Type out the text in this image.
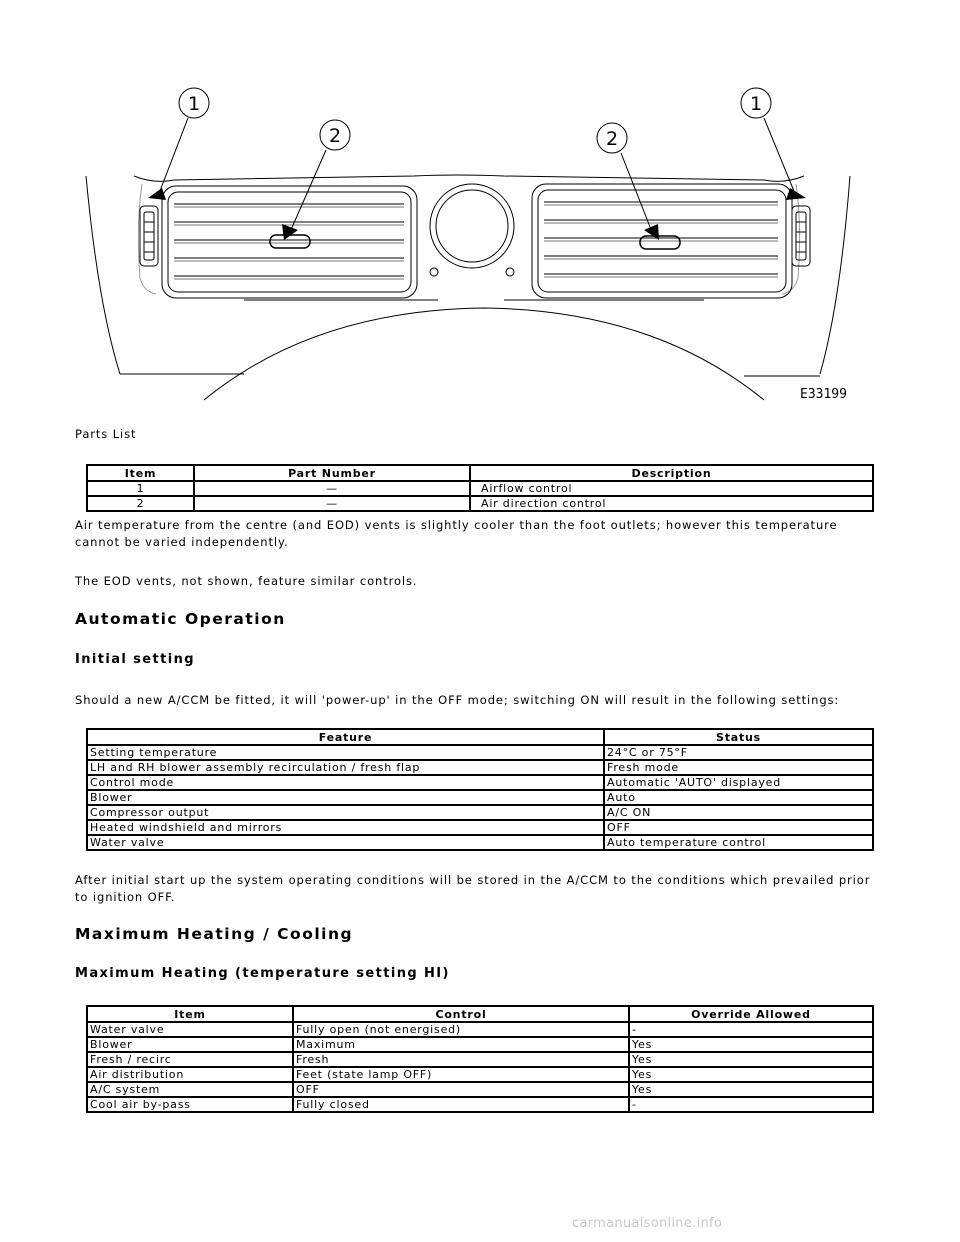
1	1
2	2
E33199
Parts List
Item	Part Number	Description
1	—	Airflow control
2	—	Air direction control
Air temperature from the centre (and EOD) vents is slightly cooler than the foot outlets; however this temperature cannot be varied independently.
The EOD vents, not shown, feature similar controls.
Automatic Operation
Initial setting
Should a new A/CCM be fitted, it will 'power-up' in the OFF mode; switching ON will result in the following settings:
Feature	Status
Setting temperature	24°C or 75°F
LH and RH blower assembly recirculation / fresh flap	Fresh mode
Control mode	Automatic 'AUTO' displayed
Blower	Auto
Compressor output	A/C ON
Heated windshield and mirrors	OFF
Water valve	Auto temperature control
After initial start up the system operating conditions will be stored in the A/CCM to the conditions which prevailed prior to ignition OFF.
Maximum Heating / Cooling
Maximum Heating (temperature setting HI)
Item	Control	Override Allowed
Water valve	Fully open (not energised)	-
Blower	Maximum	Yes
Fresh / recirc	Fresh	Yes
Air distribution	Feet (state lamp OFF)	Yes
A/C system	OFF	Yes
Cool air by-pass	Fully closed	-
carmanualsonline.info
